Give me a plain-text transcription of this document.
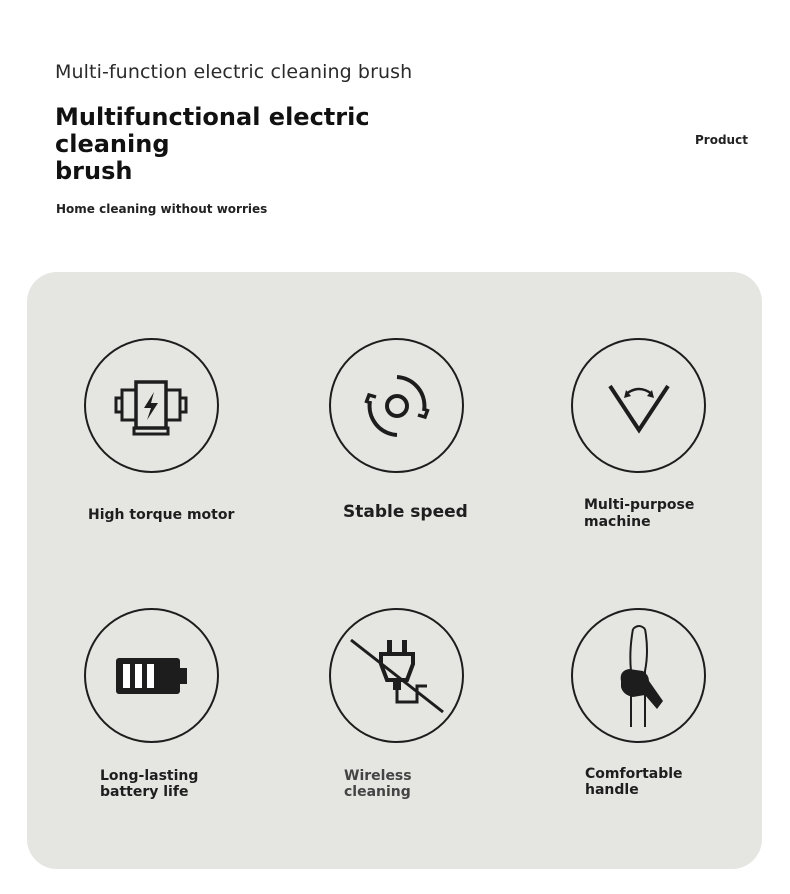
Multi-function electric cleaning brush
Multifunctional electric cleaning
brush
Product
Home cleaning without worries
High torque motor	Stable speed	Multi-purpose
machine
Long-lasting
battery life
Wireless
cleaning
Comfortable
handle
